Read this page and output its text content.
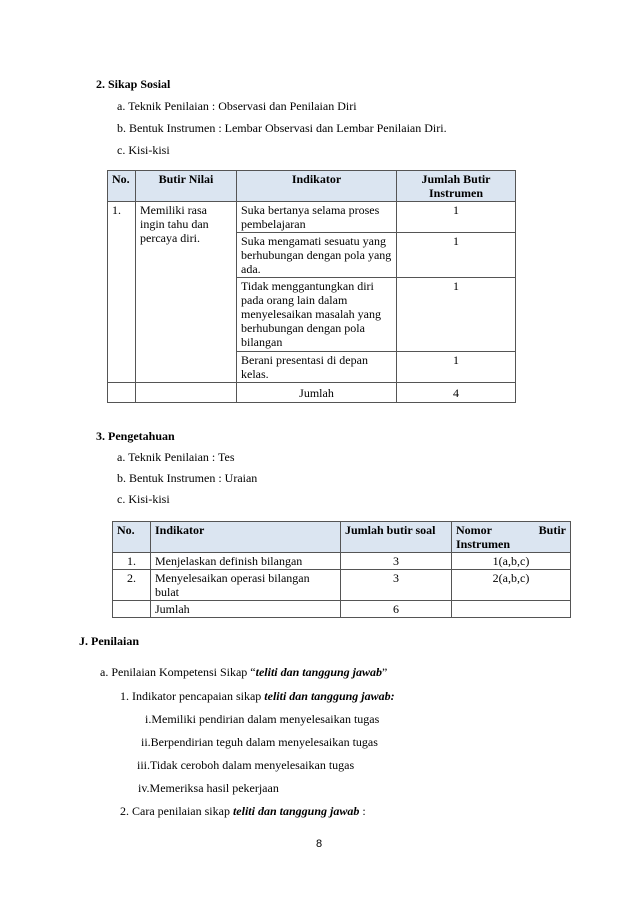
2. Sikap Sosial
a. Teknik Penilaian : Observasi dan Penilaian Diri
b. Bentuk Instrumen : Lembar Observasi dan Lembar Penilaian Diri.
c. Kisi-kisi
No.	Butir Nilai	Indikator	Jumlah Butir Instrumen
1.	Memiliki rasa ingin tahu dan percaya diri.	Suka bertanya selama proses pembelajaran	1
		Suka mengamati sesuatu yang berhubungan dengan pola yang ada.	1
		Tidak menggantungkan diri pada orang lain dalam menyelesaikan masalah yang berhubungan dengan pola bilangan	1
		Berani presentasi di depan kelas.	1
		Jumlah	4
3. Pengetahuan
a. Teknik Penilaian : Tes
b. Bentuk Instrumen : Uraian
c. Kisi-kisi
No.	Indikator	Jumlah butir soal	Nomor Butir Instrumen
1.	Menjelaskan definish bilangan	3	1(a,b,c)
2.	Menyelesaikan operasi bilangan bulat	3	2(a,b,c)
	Jumlah	6	
J. Penilaian
a. Penilaian Kompetensi Sikap “teliti dan tanggung jawab”
1. Indikator pencapaian sikap teliti dan tanggung jawab:
i.Memiliki pendirian dalam menyelesaikan tugas
ii.Berpendirian teguh dalam menyelesaikan tugas
iii.Tidak ceroboh dalam menyelesaikan tugas
iv.Memeriksa hasil pekerjaan
2. Cara penilaian sikap teliti dan tanggung jawab :
8
